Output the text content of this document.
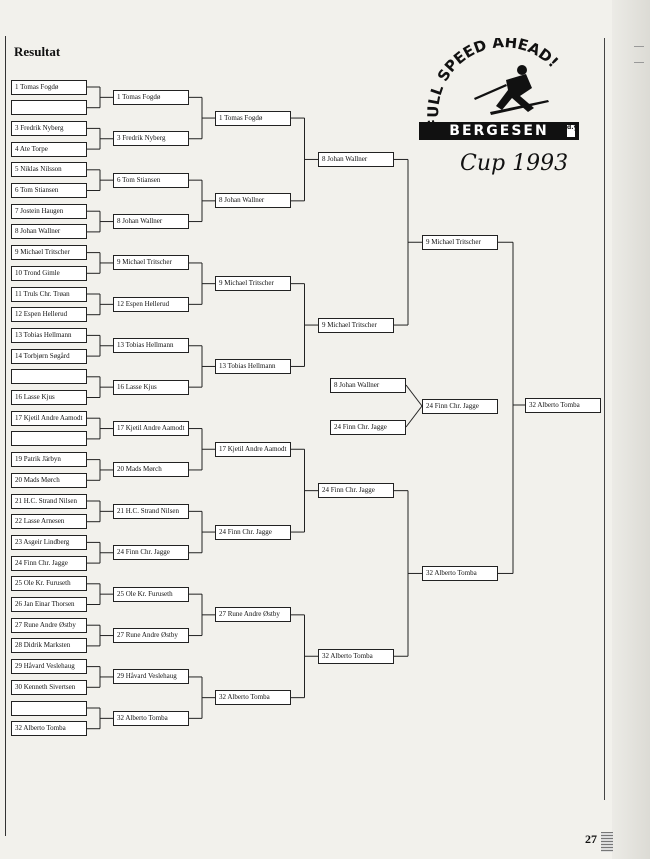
Resultat
1 Tomas Fogdø
3 Fredrik Nyberg
4 Ate Torpe
5 Niklas Nilsson
6 Tom Stiansen
7 Jostein Haugen
8 Johan Wallner
9 Michael Tritscher
10 Trond Gimle
11 Truls Chr. Trøan
12 Espen Hellerud
13 Tobias Hellmann
14 Torbjørn Søgård
16 Lasse Kjus
17 Kjetil Andre Aamodt
19 Patrik Järbyn
20 Mads Mørch
21 H.C. Strand Nilsen
22 Lasse Arnesen
23 Asgeir Lindberg
24 Finn Chr. Jagge
25 Ole Kr. Furuseth
26 Jan Einar Thorsen
27 Rune Andre Østby
28 Didrik Marksten
29 Håvard Veslehaug
30 Kenneth Sivertsen
32 Alberto Tomba
1 Tomas Fogdø
3 Fredrik Nyberg
6 Tom Stiansen
8 Johan Wallner
9 Michael Tritscher
12 Espen Hellerud
13 Tobias Hellmann
16 Lasse Kjus
17 Kjetil Andre Aamodt
20 Mads Mørch
21 H.C. Strand Nilsen
24 Finn Chr. Jagge
25 Ole Kr. Furuseth
27 Rune Andre Østby
29 Håvard Veslehaug
32 Alberto Tomba
1 Tomas Fogdø
8 Johan Wallner
9 Michael Tritscher
13 Tobias Hellmann
17 Kjetil Andre Aamodt
24 Finn Chr. Jagge
27 Rune Andre Østby
32 Alberto Tomba
8 Johan Wallner
9 Michael Tritscher
24 Finn Chr. Jagge
32 Alberto Tomba
9 Michael Tritscher
32 Alberto Tomba
32 Alberto Tomba
8 Johan Wallner
24 Finn Chr. Jagge
24 Finn Chr. Jagge
ULL SPEED AHEAD!
BERGESEN	d.y.
Cup 1993
27
